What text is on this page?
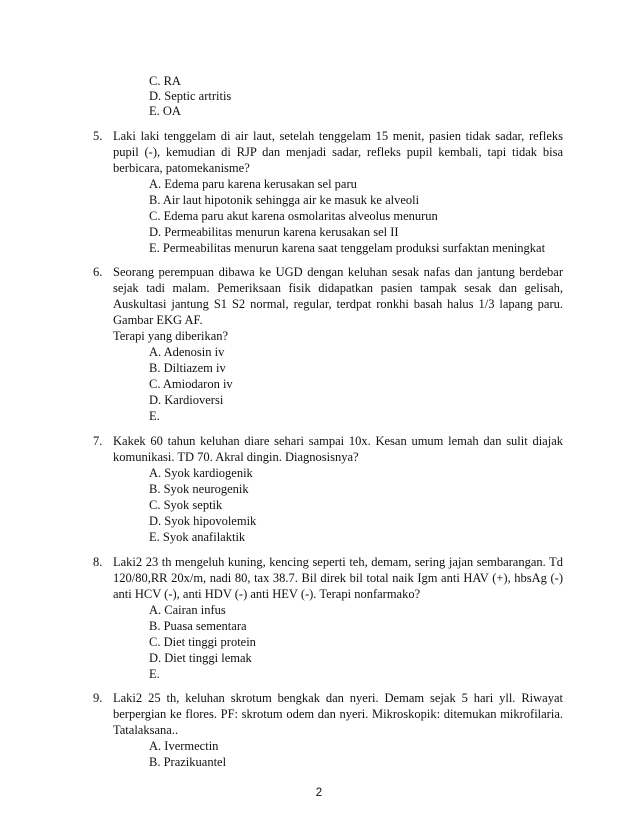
C. RA
D. Septic artritis
E. OA
5. Laki laki tenggelam di air laut, setelah tenggelam 15 menit, pasien tidak sadar, refleks
pupil (-), kemudian di RJP dan menjadi sadar, refleks pupil kembali, tapi tidak bisa
berbicara, patomekanisme?
A. Edema paru karena kerusakan sel paru
B. Air laut hipotonik sehingga air ke masuk ke alveoli
C. Edema paru akut karena osmolaritas alveolus menurun
D. Permeabilitas menurun karena kerusakan sel II
E. Permeabilitas menurun karena saat tenggelam produksi surfaktan meningkat
6. Seorang perempuan dibawa ke UGD dengan keluhan sesak nafas dan jantung berdebar
sejak tadi malam. Pemeriksaan fisik didapatkan pasien tampak sesak dan gelisah,
Auskultasi jantung S1 S2 normal, regular, terdpat ronkhi basah halus 1/3 lapang paru.
Gambar EKG AF.
Terapi yang diberikan?
A. Adenosin iv
B. Diltiazem iv
C. Amiodaron iv
D. Kardioversi
E.
7. Kakek 60 tahun keluhan diare sehari sampai 10x. Kesan umum lemah dan sulit diajak
komunikasi. TD 70. Akral dingin. Diagnosisnya?
A. Syok kardiogenik
B. Syok neurogenik
C. Syok septik
D. Syok hipovolemik
E. Syok anafilaktik
8. Laki2 23 th mengeluh kuning, kencing seperti teh, demam, sering jajan sembarangan. Td
120/80,RR 20x/m, nadi 80, tax 38.7. Bil direk bil total naik Igm anti HAV (+), hbsAg (-)
anti HCV (-), anti HDV (-) anti HEV (-). Terapi nonfarmako?
A. Cairan infus
B. Puasa sementara
C. Diet tinggi protein
D. Diet tinggi lemak
E.
9. Laki2 25 th, keluhan skrotum bengkak dan nyeri. Demam sejak 5 hari yll. Riwayat
berpergian ke flores. PF: skrotum odem dan nyeri. Mikroskopik: ditemukan mikrofilaria.
Tatalaksana..
A. Ivermectin
B. Prazikuantel
2
